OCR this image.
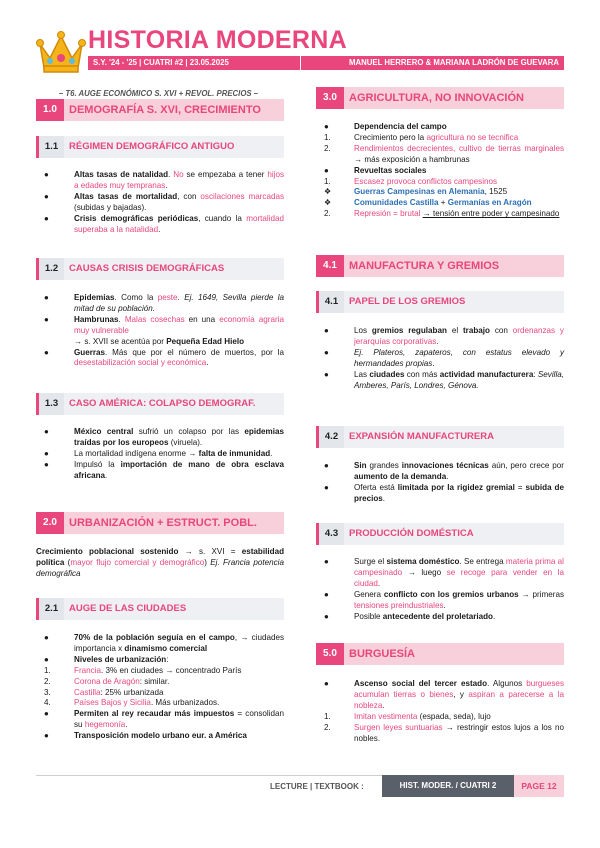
HISTORIA MODERNA
S.Y. '24 - '25 | CUATRI #2 | 23.05.2025	MANUEL HERRERO & MARIANA LADRÓN DE GUEVARA
– T6. AUGE ECONÓMICO S. XVI + REVOL. PRECIOS –
1.0	DEMOGRAFÍA S. XVI, CRECIMIENTO
1.1	RÉGIMEN DEMOGRÁFICO ANTIGUO
●	Altas tasas de natalidad. No se empezaba a tener hijos a edades muy tempranas.
●	Altas tasas de mortalidad, con oscilaciones marcadas (subidas y bajadas).
●	Crisis demográficas periódicas, cuando la mortalidad superaba a la natalidad.
1.2	CAUSAS CRISIS DEMOGRÁFICAS
●	Epidemias. Como la peste. Ej. 1649, Sevilla pierde la mitad de su población.
●	Hambrunas. Malas cosechas en una economía agraria muy vulnerable
→ s. XVII se acentúa por Pequeña Edad Hielo
●	Guerras. Más que por el número de muertos, por la desestabilización social y económica.
1.3	CASO AMÉRICA: COLAPSO DEMOGRAF.
●	México central sufrió un colapso por las epidemias traídas por los europeos (viruela).
●	La mortalidad indígena enorme → falta de inmunidad.
●	Impulsó la importación de mano de obra esclava africana.
2.0	URBANIZACIÓN + ESTRUCT. POBL.
Crecimiento poblacional sostenido → s. XVI = estabilidad política (mayor flujo comercial y demográfico) Ej. Francia potencia demográfica
2.1	AUGE DE LAS CIUDADES
●	70% de la población seguía en el campo, → ciudades importancia x dinamismo comercial
●	Niveles de urbanización:
1.	Francia. 3% en ciudades → concentrado París
2.	Corona de Aragón: similar.
3.	Castilla: 25% urbanizada
4.	Países Bajos y Sicilia. Más urbanizados.
●	Permiten al rey recaudar más impuestos = consolidan su hegemonía.
●	Transposición modelo urbano eur. a América
3.0	AGRICULTURA, NO INNOVACIÓN
●	Dependencia del campo
1.	Crecimiento pero la agricultura no se tecnifica
2.	Rendimientos decrecientes, cultivo de tierras marginales → más exposición a hambrunas
●	Revueltas sociales
1.	Escasez provoca conflictos campesinos
❖	Guerras Campesinas en Alemania, 1525
❖	Comunidades Castilla + Germanías en Aragón
2.	Represión = brutal → tensión entre poder y campesinado
4.1	MANUFACTURA Y GREMIOS
4.1	PAPEL DE LOS GREMIOS
●	Los gremios regulaban el trabajo con ordenanzas y jerarquías corporativas.
●	Ej. Plateros, zapateros, con estatus elevado y hermandades propias.
●	Las ciudades con más actividad manufacturera: Sevilla, Amberes, París, Londres, Génova.
4.2	EXPANSIÓN MANUFACTURERA
●	Sin grandes innovaciones técnicas aún, pero crece por aumento de la demanda.
●	Oferta está limitada por la rigidez gremial = subida de precios.
4.3	PRODUCCIÓN DOMÉSTICA
●	Surge el sistema doméstico. Se entrega materia prima al campesinado → luego se recoge para vender en la ciudad.
●	Genera conflicto con los gremios urbanos → primeras tensiones preindustriales.
●	Posible antecedente del proletariado.
5.0	BURGUESÍA
●	Ascenso social del tercer estado. Algunos burgueses acumulan tierras o bienes, y aspiran a parecerse a la nobleza.
1.	Imitan vestimenta (espada, seda), lujo
2.	Surgen leyes suntuarias → restringir estos lujos a los no nobles.
LECTURE | TEXTBOOK :	HIST. MODER. / CUATRI 2	PAGE 12
